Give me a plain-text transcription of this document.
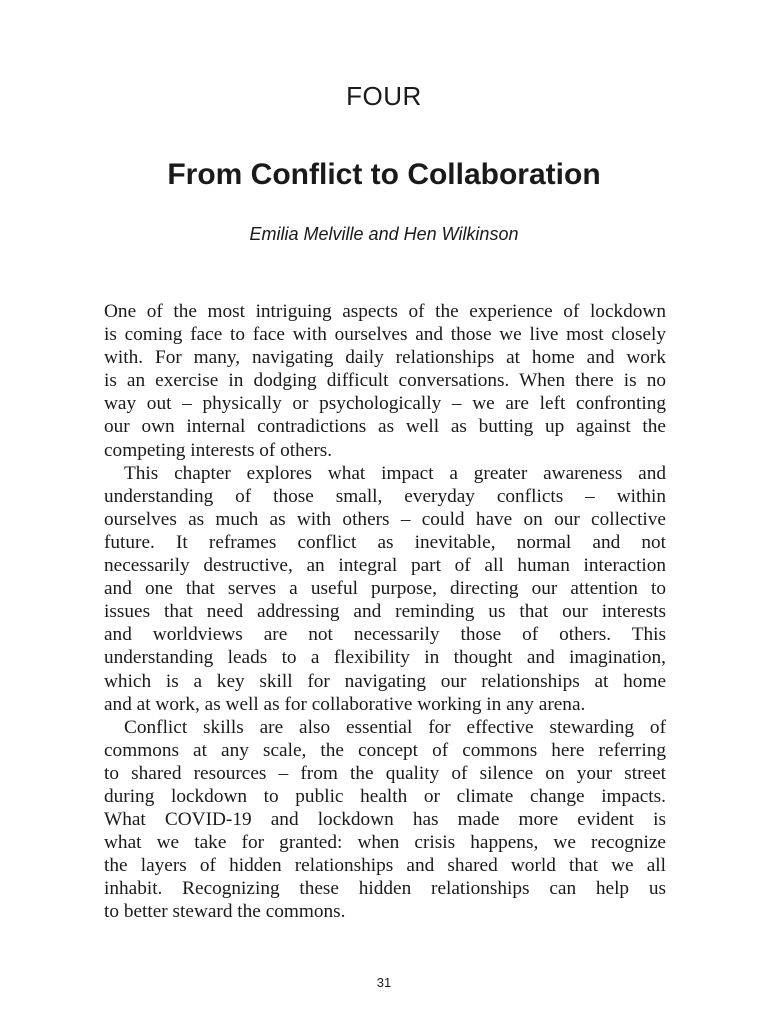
FOUR
From Conflict to Collaboration
Emilia Melville and Hen Wilkinson

One of the most intriguing aspects of the experience of lockdown
is coming face to face with ourselves and those we live most closely
with. For many, navigating daily relationships at home and work
is an exercise in dodging difficult conversations. When there is no
way out – physically or psychologically – we are left confronting
our own internal contradictions as well as butting up against the
competing interests of others.

This chapter explores what impact a greater awareness and
understanding of those small, everyday conflicts – within
ourselves as much as with others – could have on our collective
future. It reframes conflict as inevitable, normal and not
necessarily destructive, an integral part of all human interaction
and one that serves a useful purpose, directing our attention to
issues that need addressing and reminding us that our interests
and worldviews are not necessarily those of others. This
understanding leads to a flexibility in thought and imagination,
which is a key skill for navigating our relationships at home
and at work, as well as for collaborative working in any arena.

Conflict skills are also essential for effective stewarding of
commons at any scale, the concept of commons here referring
to shared resources – from the quality of silence on your street
during lockdown to public health or climate change impacts.
What COVID-19 and lockdown has made more evident is
what we take for granted: when crisis happens, we recognize
the layers of hidden relationships and shared world that we all
inhabit. Recognizing these hidden relationships can help us
to better steward the commons.

31
